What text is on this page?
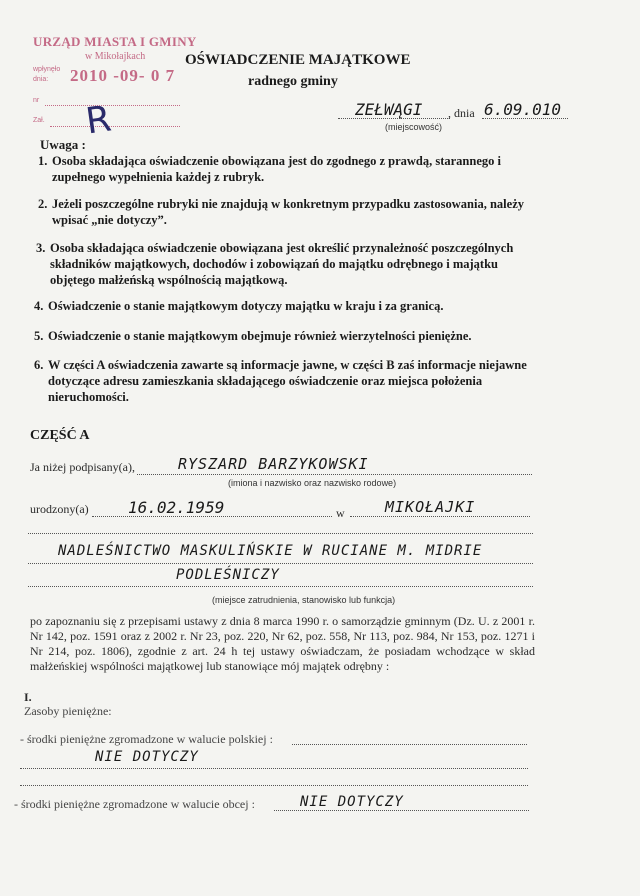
URZĄD MIASTA I GMINY
w Mikołajkach
wpłynęło
dnia: 2010 -09- 0 7
nr
Zał. R
OŚWIADCZENIE MAJĄTKOWE
radnego gminy
ZEŁWĄGI , dnia 6.09.010
(miejscowość)
Uwaga :
1. Osoba składająca oświadczenie obowiązana jest do zgodnego z prawdą, starannego i zupełnego wypełnienia każdej z rubryk.
2. Jeżeli poszczególne rubryki nie znajdują w konkretnym przypadku zastosowania, należy wpisać „nie dotyczy”.
3. Osoba składająca oświadczenie obowiązana jest określić przynależność poszczególnych składników majątkowych, dochodów i zobowiązań do majątku odrębnego i majątku objętego małżeńską wspólnością majątkową.
4. Oświadczenie o stanie majątkowym dotyczy majątku w kraju i za granicą.
5. Oświadczenie o stanie majątkowym obejmuje również wierzytelności pieniężne.
6. W części A oświadczenia zawarte są informacje jawne, w części B zaś informacje niejawne dotyczące adresu zamieszkania składającego oświadczenie oraz miejsca położenia nieruchomości.
CZĘŚĆ A
Ja niżej podpisany(a),	RYSZARD BARZYKOWSKI
(imiona i nazwisko oraz nazwisko rodowe)
urodzony(a) 16.02.1959	w	MIKOŁAJKI
NADLEŚNICTWO MASKULIŃSKIE W RUCIANE M. MIDRIE
PODLEŚNICZY
(miejsce zatrudnienia, stanowisko lub funkcja)
po zapoznaniu się z przepisami ustawy z dnia 8 marca 1990 r. o samorządzie gminnym (Dz. U. z 2001 r. Nr 142, poz. 1591 oraz z 2002 r. Nr 23, poz. 220, Nr 62, poz. 558, Nr 113, poz. 984, Nr 153, poz. 1271 i Nr 214, poz. 1806), zgodnie z art. 24 h tej ustawy oświadczam, że posiadam wchodzące w skład małżeńskiej wspólności majątkowej lub stanowiące mój majątek odrębny :
I.
Zasoby pieniężne:
- środki pieniężne zgromadzone w walucie polskiej :
NIE DOTYCZY
- środki pieniężne zgromadzone w walucie obcej :	NIE DOTYCZY
